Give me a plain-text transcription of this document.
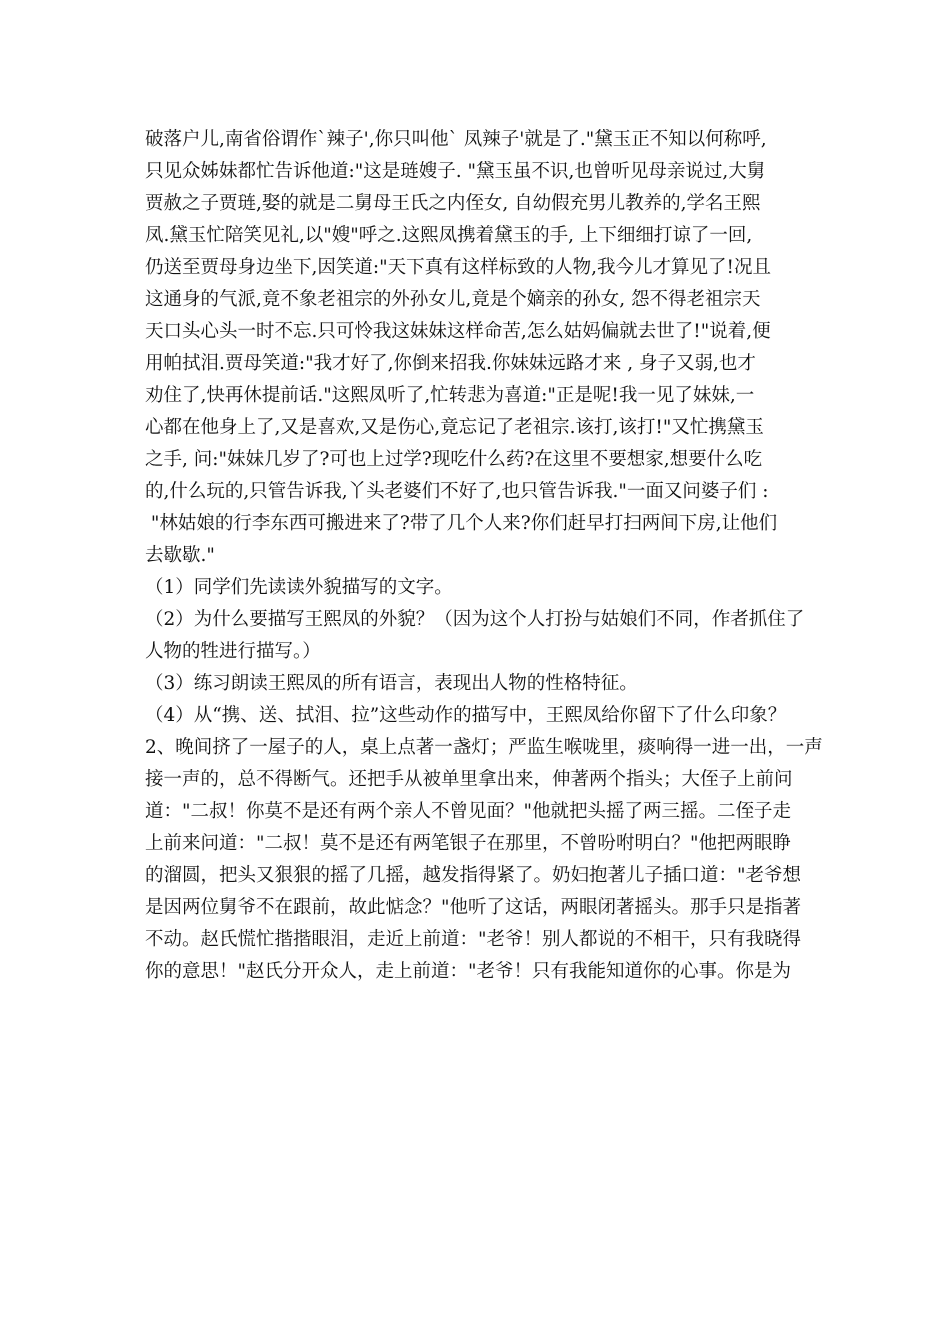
破落户儿,南省俗谓作`辣子',你只叫他` 凤辣子'就是了."黛玉正不知以何称呼,
只见众姊妹都忙告诉他道:"这是琏嫂子. "黛玉虽不识,也曾听见母亲说过,大舅
贾赦之子贾琏,娶的就是二舅母王氏之内侄女, 自幼假充男儿教养的,学名王熙
凤.黛玉忙陪笑见礼,以"嫂"呼之.这熙凤携着黛玉的手, 上下细细打谅了一回,
仍送至贾母身边坐下,因笑道:"天下真有这样标致的人物,我今儿才算见了!况且
这通身的气派,竟不象老祖宗的外孙女儿,竟是个嫡亲的孙女, 怨不得老祖宗天
天口头心头一时不忘.只可怜我这妹妹这样命苦,怎么姑妈偏就去世了!"说着,便
用帕拭泪.贾母笑道:"我才好了,你倒来招我.你妹妹远路才来 , 身子又弱,也才
劝住了,快再休提前话."这熙凤听了,忙转悲为喜道:"正是呢!我一见了妹妹,一
心都在他身上了,又是喜欢,又是伤心,竟忘记了老祖宗.该打,该打!"又忙携黛玉
之手, 问:"妹妹几岁了?可也上过学?现吃什么药?在这里不要想家,想要什么吃
的,什么玩的,只管告诉我,丫头老婆们不好了,也只管告诉我."一面又问婆子们 :
"林姑娘的行李东西可搬进来了?带了几个人来?你们赶早打扫两间下房,让他们
去歇歇."
（1）同学们先读读外貌描写的文字。
（2）为什么要描写王熙凤的外貌？（因为这个人打扮与姑娘们不同，作者抓住了
人物的牲进行描写。）
（3）练习朗读王熙凤的所有语言，表现出人物的性格特征。
（4）从“携、送、拭泪、拉”这些动作的描写中，王熙凤给你留下了什么印象？
2、晚间挤了一屋子的人，桌上点著一盏灯；严监生喉咙里，痰响得一进一出，一声
接一声的，总不得断气。还把手从被单里拿出来，伸著两个指头；大侄子上前问
道："二叔！你莫不是还有两个亲人不曾见面？"他就把头摇了两三摇。二侄子走
上前来问道："二叔！莫不是还有两笔银子在那里，不曾吩咐明白？"他把两眼睁
的溜圆，把头又狠狠的摇了几摇，越发指得紧了。奶妇抱著儿子插口道："老爷想
是因两位舅爷不在跟前，故此惦念？"他听了这话，两眼闭著摇头。那手只是指著
不动。赵氏慌忙揩揩眼泪，走近上前道："老爷！别人都说的不相干，只有我晓得
你的意思！"赵氏分开众人，走上前道："老爷！只有我能知道你的心事。你是为
